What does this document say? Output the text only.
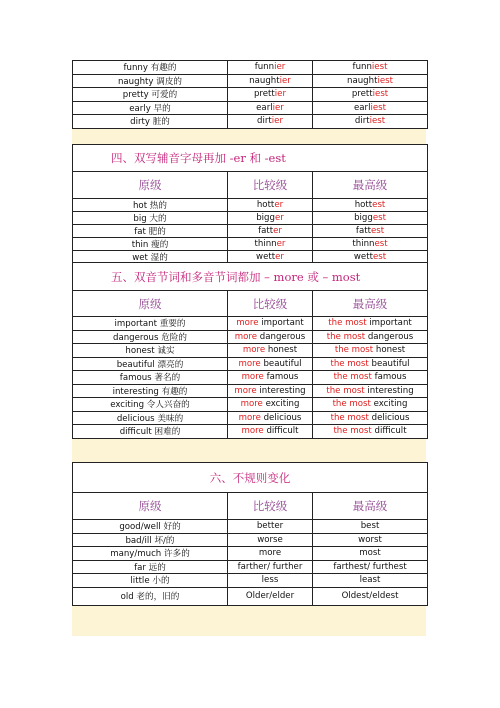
funny 有趣的	funnier	funniest
naughty 调皮的	naughtier	naughtiest
pretty 可爱的	prettier	prettiest
early 早的	earlier	earliest
dirty 脏的	dirtier	dirtiest
四、双写辅音字母再加 -er 和 -est		
原级	比较级	最高级
hot 热的	hotter	hottest
big 大的	bigger	biggest
fat 肥的	fatter	fattest
thin 瘦的	thinner	thinnest
wet 湿的	wetter	wettest
五、双音节词和多音节词都加 – more 或 – most		
原级	比较级	最高级
important 重要的	more important	the most important
dangerous 危险的	more dangerous	the most dangerous
honest 诚实	more honest	the most honest
beautiful 漂亮的	more beautiful	the most beautiful
famous 著名的	more famous	the most famous
interesting 有趣的	more interesting	the most interesting
exciting 令人兴奋的	more exciting	the most exciting
delicious 美味的	more delicious	the most delicious
difficult 困难的	more difficult	the most difficult
六、不规则变化		
原级	比较级	最高级
good/well 好的	better	best
bad/ill 坏/的	worse	worst
many/much 许多的	more	most
far 远的	farther/ further	farthest/ furthest
little 小的	less	least
old 老的，旧的	Older/elder	Oldest/eldest
